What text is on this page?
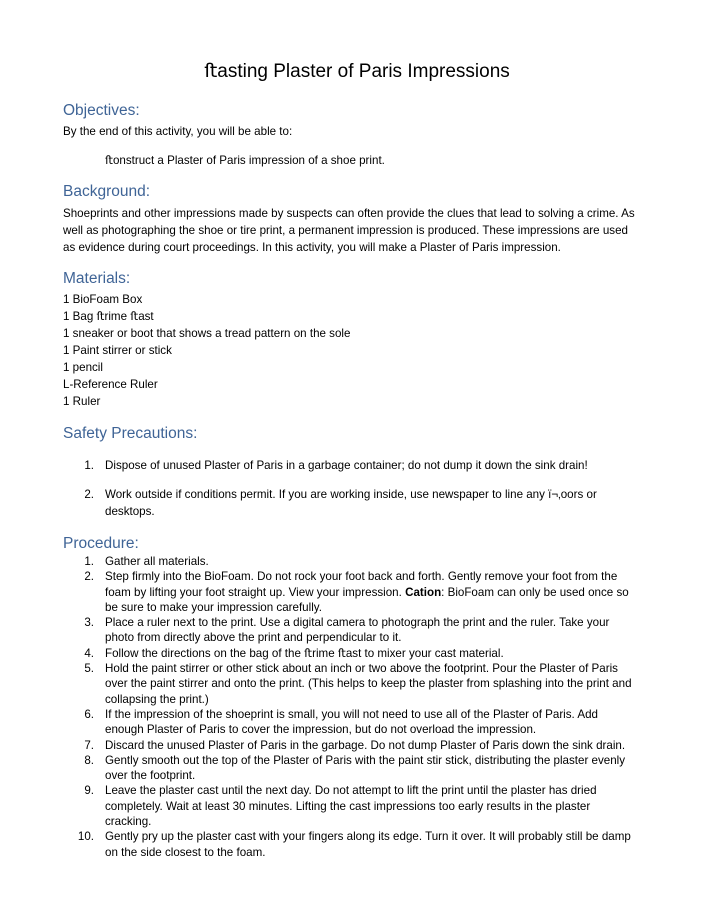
ﬅasting Plaster of Paris Impressions
Objectives:
By the end of this activity, you will be able to:
ﬅonstruct a Plaster of Paris impression of a shoe print.
Background:
Shoeprints and other impressions made by suspects can often provide the clues that lead to solving a crime. As
well as photographing the shoe or tire print, a permanent impression is produced. These impressions are used
as evidence during court proceedings. In this activity, you will make a Plaster of Paris impression.
Materials:
1 BioFoam Box
1 Bag ﬅrime ﬅast
1 sneaker or boot that shows a tread pattern on the sole
1 Paint stirrer or stick
1 pencil
L-Reference Ruler
1 Ruler
Safety Precautions:
1. Dispose of unused Plaster of Paris in a garbage container; do not dump it down the sink drain!
2. Work outside if conditions permit. If you are working inside, use newspaper to line any ï¬‚oors or
desktops.
Procedure:
1. Gather all materials.
2. Step firmly into the BioFoam. Do not rock your foot back and forth. Gently remove your foot from the
foam by lifting your foot straight up. View your impression. Cation: BioFoam can only be used once so
be sure to make your impression carefully.
3. Place a ruler next to the print. Use a digital camera to photograph the print and the ruler. Take your
photo from directly above the print and perpendicular to it.
4. Follow the directions on the bag of the ﬅrime ﬅast to mixer your cast material.
5. Hold the paint stirrer or other stick about an inch or two above the footprint. Pour the Plaster of Paris
over the paint stirrer and onto the print. (This helps to keep the plaster from splashing into the print and
collapsing the print.)
6. If the impression of the shoeprint is small, you will not need to use all of the Plaster of Paris. Add
enough Plaster of Paris to cover the impression, but do not overload the impression.
7. Discard the unused Plaster of Paris in the garbage. Do not dump Plaster of Paris down the sink drain.
8. Gently smooth out the top of the Plaster of Paris with the paint stir stick, distributing the plaster evenly
over the footprint.
9. Leave the plaster cast until the next day. Do not attempt to lift the print until the plaster has dried
completely. Wait at least 30 minutes. Lifting the cast impressions too early results in the plaster
cracking.
10. Gently pry up the plaster cast with your fingers along its edge. Turn it over. It will probably still be damp
on the side closest to the foam.
